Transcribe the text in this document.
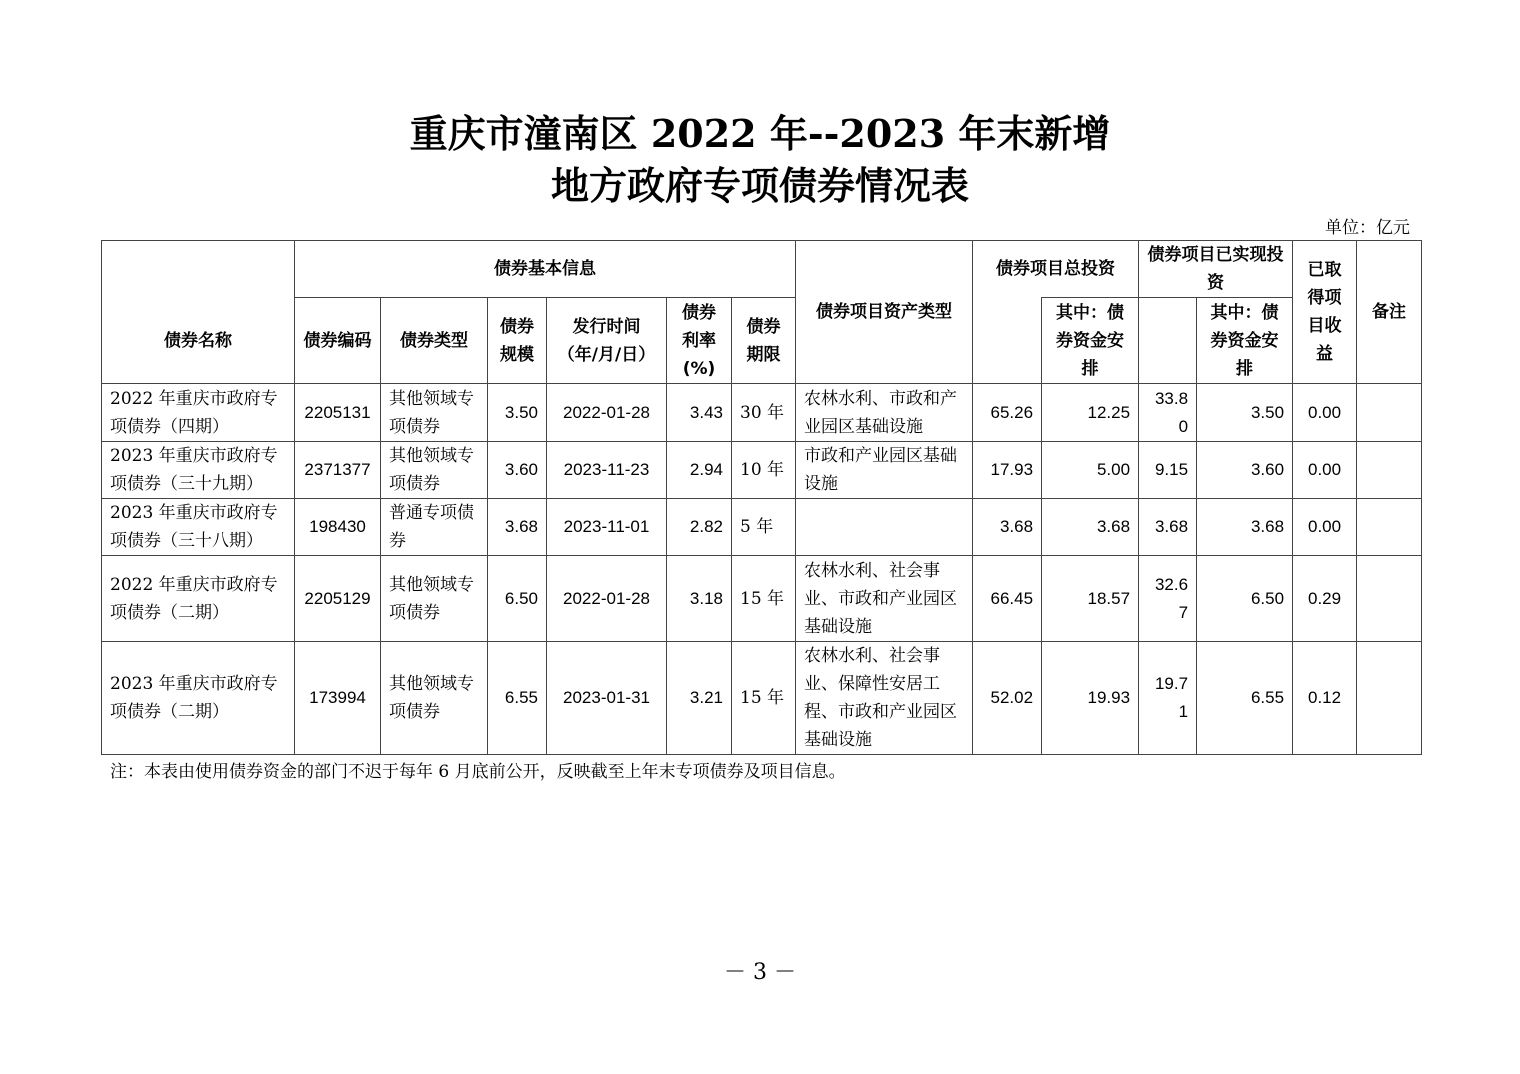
重庆市潼南区 2022 年--2023 年末新增
地方政府专项债券情况表
单位：亿元
债券名称	债券基本信息						债券项目资产类型	债券项目总投资		债券项目已实现投资		已取得项目收益	备注
	债券编码	债券类型	债券规模	发行时间（年/月/日）	债券利率(%)	债券期限			其中：债券资金安排		其中：债券资金安排		
2022 年重庆市政府专项债券（四期）	2205131	其他领域专项债券	3.50	2022-01-28	3.43	30 年	农林水利、市政和产业园区基础设施	65.26	12.25	33.80	3.50	0.00	
2023 年重庆市政府专项债券（三十九期）	2371377	其他领域专项债券	3.60	2023-11-23	2.94	10 年	市政和产业园区基础设施	17.93	5.00	9.15	3.60	0.00	
2023 年重庆市政府专项债券（三十八期）	198430	普通专项债券	3.68	2023-11-01	2.82	5 年		3.68	3.68	3.68	3.68	0.00	
2022 年重庆市政府专项债券（二期）	2205129	其他领域专项债券	6.50	2022-01-28	3.18	15 年	农林水利、社会事业、市政和产业园区基础设施	66.45	18.57	32.67	6.50	0.29	
2023 年重庆市政府专项债券（二期）	173994	其他领域专项债券	6.55	2023-01-31	3.21	15 年	农林水利、社会事业、保障性安居工程、市政和产业园区基础设施	52.02	19.93	19.71	6.55	0.12	
注：本表由使用债券资金的部门不迟于每年 6 月底前公开，反映截至上年末专项债券及项目信息。
－ 3 －
